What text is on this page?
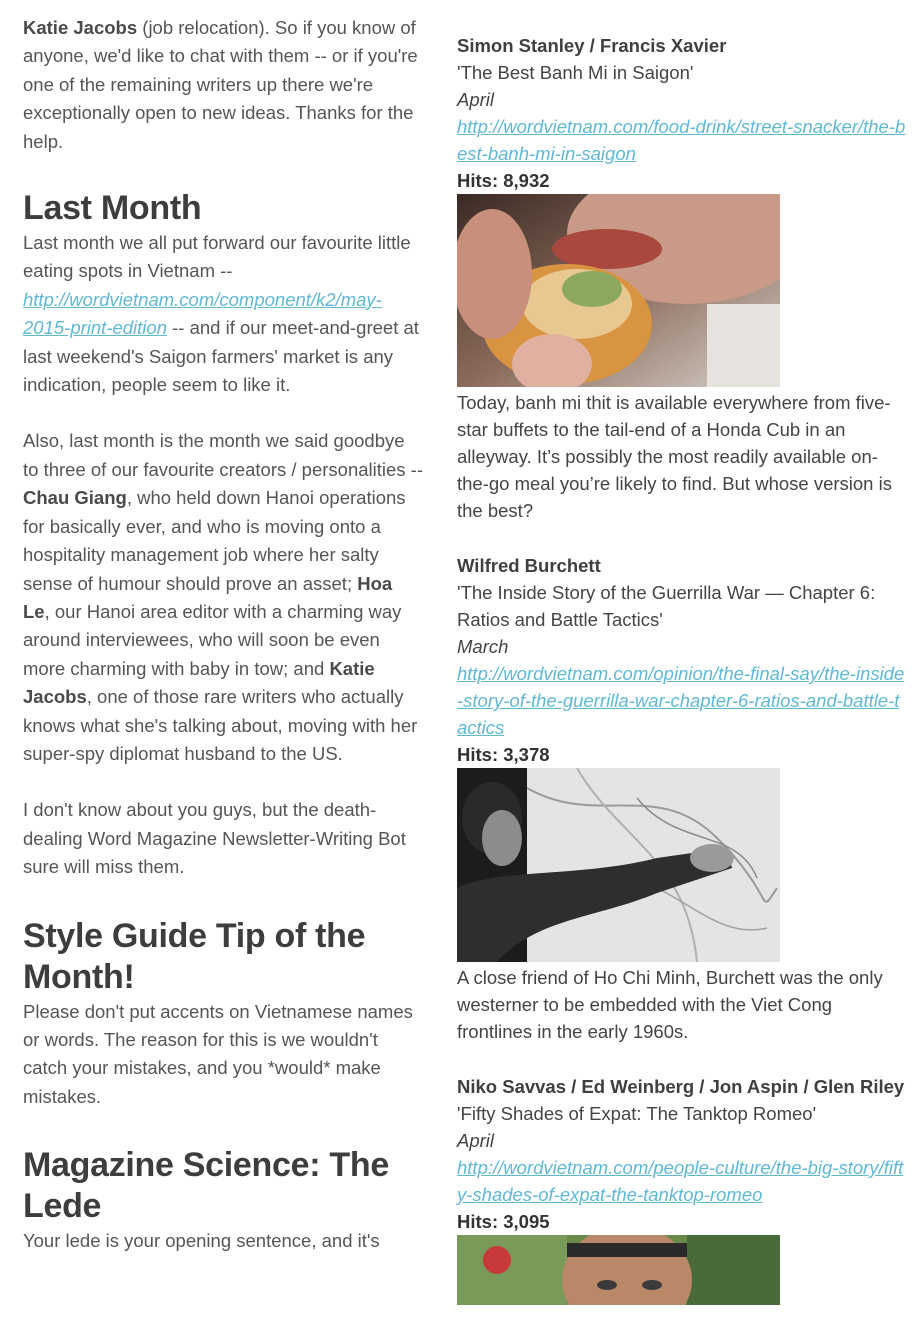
Katie Jacobs (job relocation). So if you know of anyone, we'd like to chat with them -- or if you're one of the remaining writers up there we're exceptionally open to new ideas. Thanks for the help.

Last Month

Last month we all put forward our favourite little eating spots in Vietnam -- http://wordvietnam.com/component/k2/may-2015-print-edition -- and if our meet-and-greet at last weekend's Saigon farmers' market is any indication, people seem to like it.

Also, last month is the month we said goodbye to three of our favourite creators / personalities -- Chau Giang, who held down Hanoi operations for basically ever, and who is moving onto a hospitality management job where her salty sense of humour should prove an asset; Hoa Le, our Hanoi area editor with a charming way around interviewees, who will soon be even more charming with baby in tow; and Katie Jacobs, one of those rare writers who actually knows what she's talking about, moving with her super-spy diplomat husband to the US.

I don't know about you guys, but the death-dealing Word Magazine Newsletter-Writing Bot sure will miss them.

Style Guide Tip of the Month!

Please don't put accents on Vietnamese names or words. The reason for this is we wouldn't catch your mistakes, and you *would* make mistakes.

Magazine Science: The Lede

Your lede is your opening sentence, and it's

Simon Stanley / Francis Xavier
'The Best Banh Mi in Saigon'
April
http://wordvietnam.com/food-drink/street-snacker/the-best-banh-mi-in-saigon
Hits: 8,932
Today, banh mi thit is available everywhere from five-star buffets to the tail-end of a Honda Cub in an alleyway. It’s possibly the most readily available on-the-go meal you’re likely to find. But whose version is the best?
Wilfred Burchett
'The Inside Story of the Guerrilla War — Chapter 6: Ratios and Battle Tactics'
March
http://wordvietnam.com/opinion/the-final-say/the-inside-story-of-the-guerrilla-war-chapter-6-ratios-and-battle-tactics
Hits: 3,378
A close friend of Ho Chi Minh, Burchett was the only westerner to be embedded with the Viet Cong frontlines in the early 1960s.
Niko Savvas / Ed Weinberg / Jon Aspin / Glen Riley
'Fifty Shades of Expat: The Tanktop Romeo'
April
http://wordvietnam.com/people-culture/the-big-story/fifty-shades-of-expat-the-tanktop-romeo
Hits: 3,095
